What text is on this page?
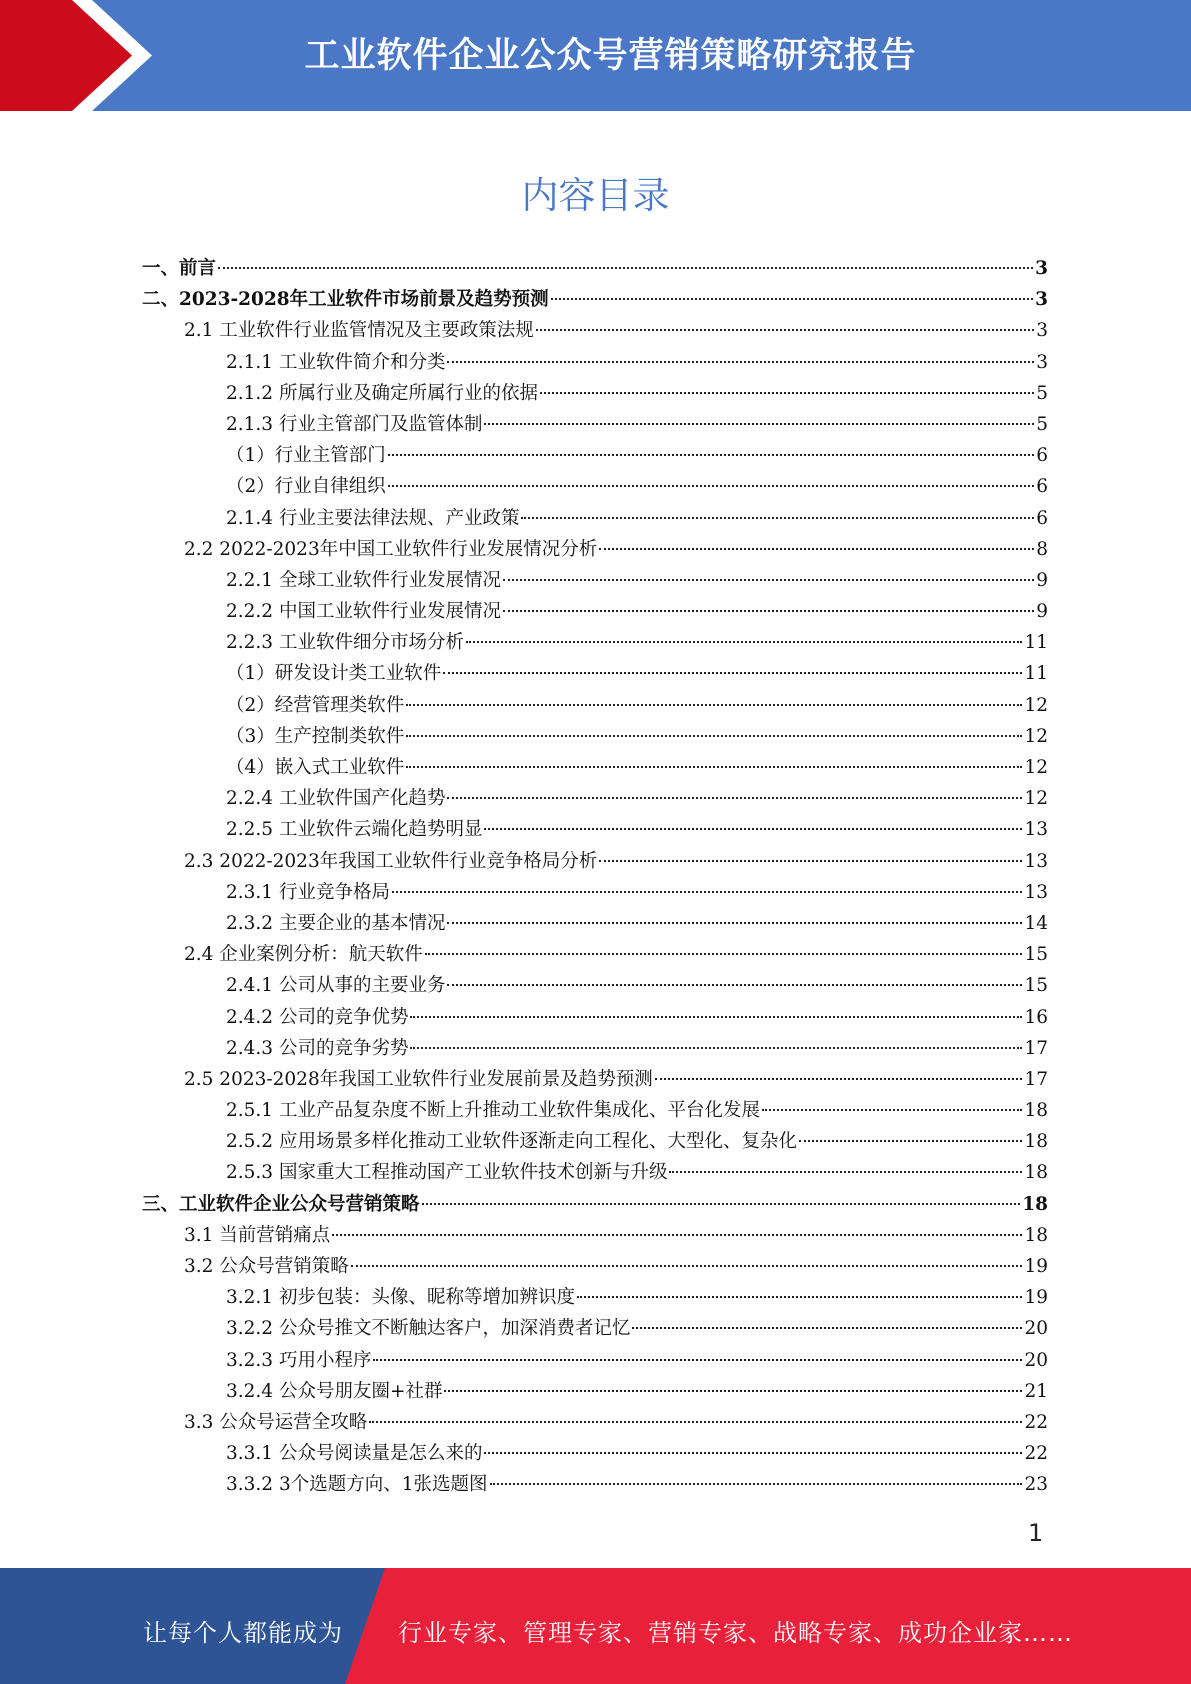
工业软件企业公众号营销策略研究报告
内容目录
一、前言	3
二、2023-2028年工业软件市场前景及趋势预测	3
2.1 工业软件行业监管情况及主要政策法规	3
2.1.1 工业软件简介和分类	3
2.1.2 所属行业及确定所属行业的依据	5
2.1.3 行业主管部门及监管体制	5
（1）行业主管部门	6
（2）行业自律组织	6
2.1.4 行业主要法律法规、产业政策	6
2.2 2022-2023年中国工业软件行业发展情况分析	8
2.2.1 全球工业软件行业发展情况	9
2.2.2 中国工业软件行业发展情况	9
2.2.3 工业软件细分市场分析	11
（1）研发设计类工业软件	11
（2）经营管理类软件	12
（3）生产控制类软件	12
（4）嵌入式工业软件	12
2.2.4 工业软件国产化趋势	12
2.2.5 工业软件云端化趋势明显	13
2.3 2022-2023年我国工业软件行业竞争格局分析	13
2.3.1 行业竞争格局	13
2.3.2 主要企业的基本情况	14
2.4 企业案例分析：航天软件	15
2.4.1 公司从事的主要业务	15
2.4.2 公司的竞争优势	16
2.4.3 公司的竞争劣势	17
2.5 2023-2028年我国工业软件行业发展前景及趋势预测	17
2.5.1 工业产品复杂度不断上升推动工业软件集成化、平台化发展	18
2.5.2 应用场景多样化推动工业软件逐渐走向工程化、大型化、复杂化	18
2.5.3 国家重大工程推动国产工业软件技术创新与升级	18
三、工业软件企业公众号营销策略	18
3.1 当前营销痛点	18
3.2 公众号营销策略	19
3.2.1 初步包装：头像、昵称等增加辨识度	19
3.2.2 公众号推文不断触达客户，加深消费者记忆	20
3.2.3 巧用小程序	20
3.2.4 公众号朋友圈+社群	21
3.3 公众号运营全攻略	22
3.3.1 公众号阅读量是怎么来的	22
3.3.2 3个选题方向、1张选题图	23
1
让每个人都能成为 行业专家、管理专家、营销专家、战略专家、成功企业家……
